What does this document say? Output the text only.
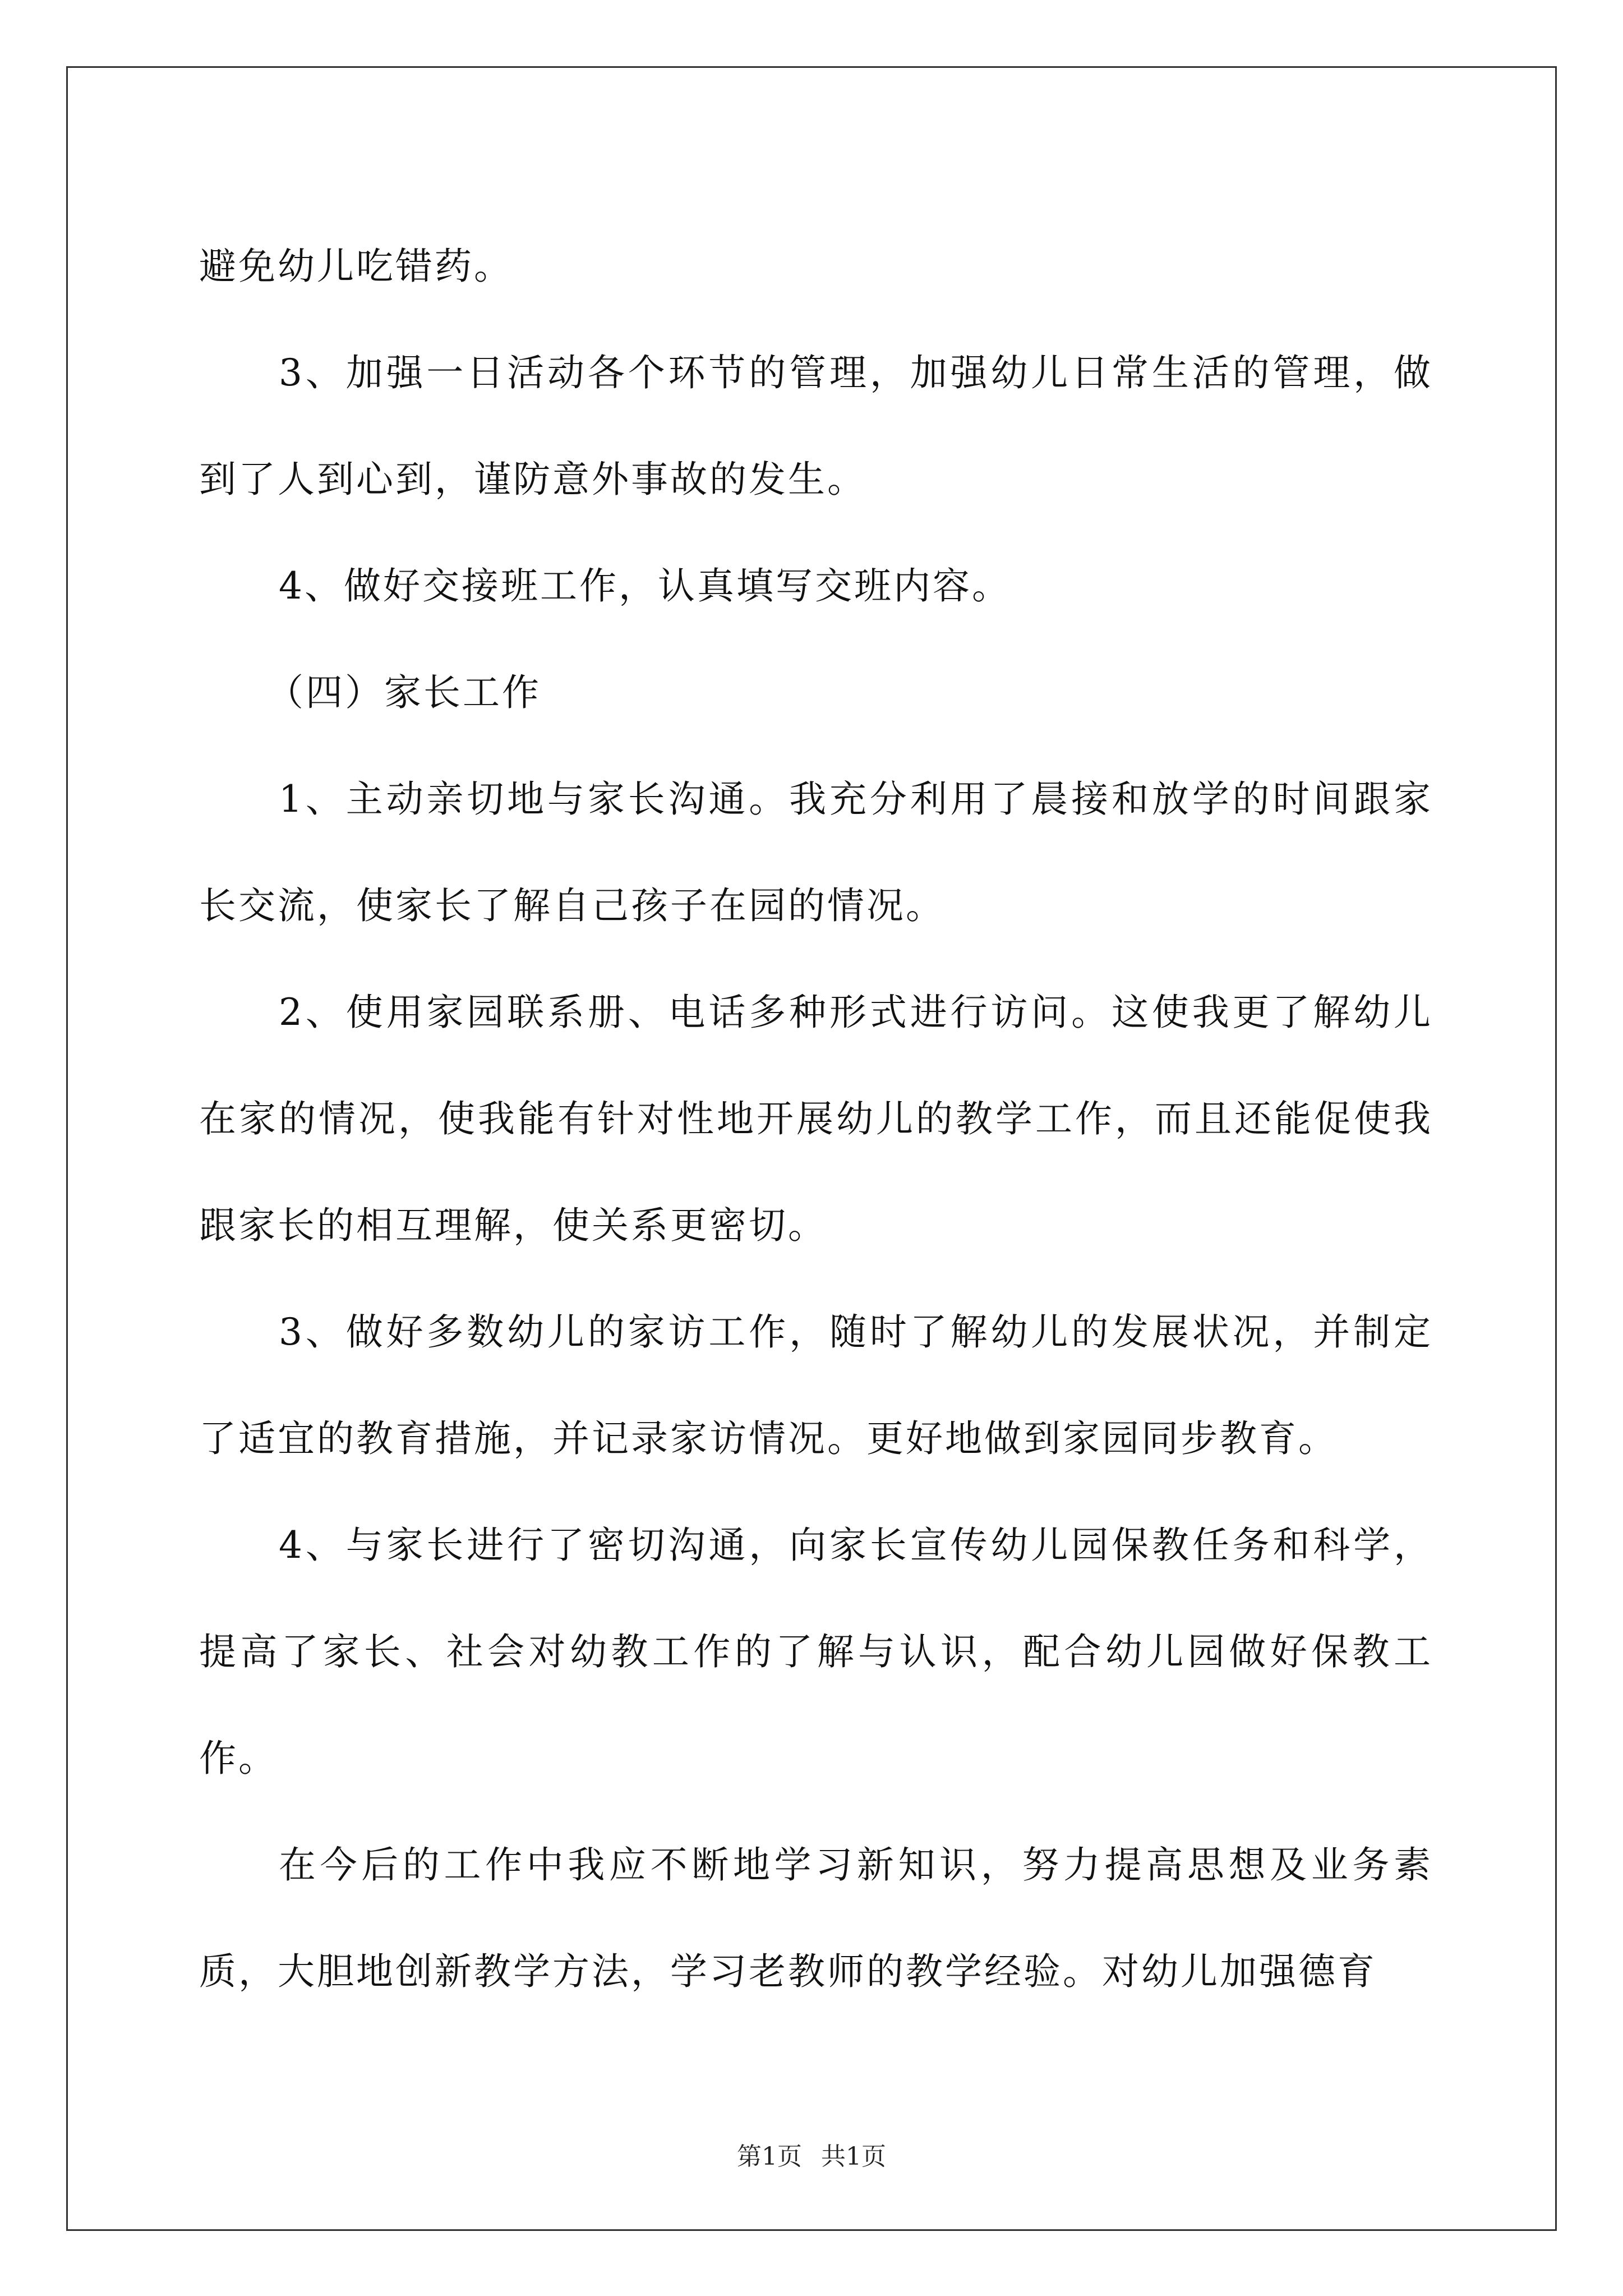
避免幼儿吃错药。

3、加强一日活动各个环节的管理，加强幼儿日常生活的管理，做到了人到心到，谨防意外事故的发生。

4、做好交接班工作，认真填写交班内容。

（四）家长工作

1、主动亲切地与家长沟通。我充分利用了晨接和放学的时间跟家长交流，使家长了解自己孩子在园的情况。

2、使用家园联系册、电话多种形式进行访问。这使我更了解幼儿在家的情况，使我能有针对性地开展幼儿的教学工作，而且还能促使我跟家长的相互理解，使关系更密切。

3、做好多数幼儿的家访工作，随时了解幼儿的发展状况，并制定了适宜的教育措施，并记录家访情况。更好地做到家园同步教育。

4、与家长进行了密切沟通，向家长宣传幼儿园保教任务和科学，提高了家长、社会对幼教工作的了解与认识，配合幼儿园做好保教工作。

在今后的工作中我应不断地学习新知识，努力提高思想及业务素质，大胆地创新教学方法，学习老教师的教学经验。对幼儿加强德育

第1页 共1页
